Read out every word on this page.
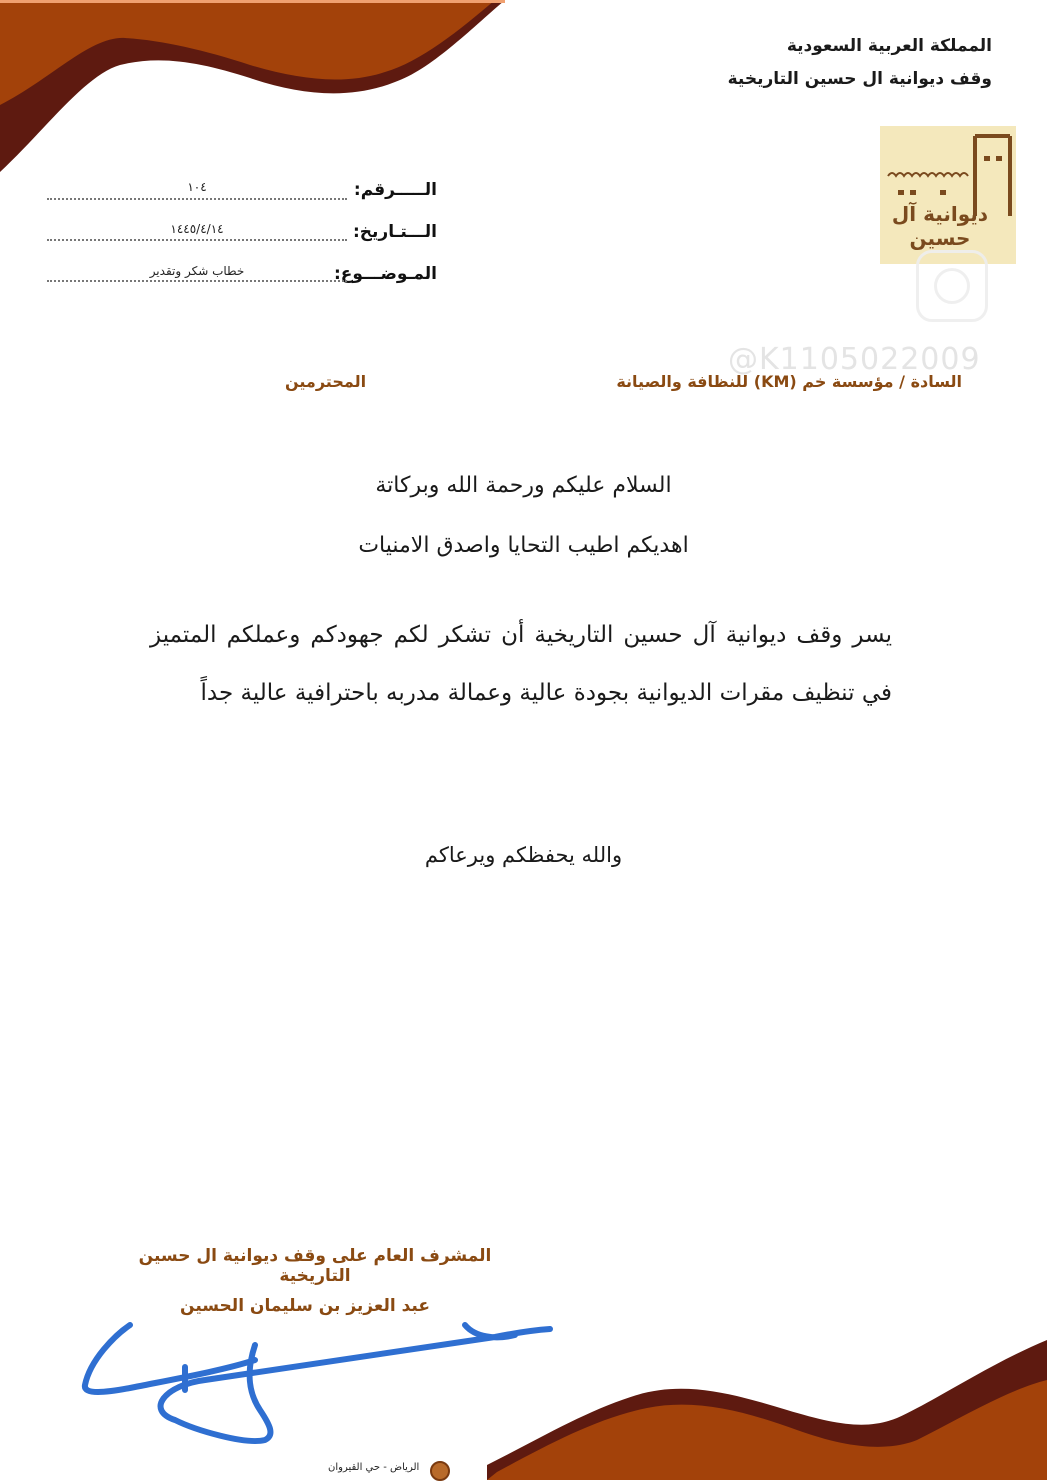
المملكة العربية السعودية
وقف ديوانية ال حسين التاريخية
ديوانية آل حسين
الـــــرقم:
١٠٤
الـــتـاريخ:
١٤٤٥/٤/١٤
المـوضـــوع:
خطاب شكر وتقدير
@K1105022009
السادة / مؤسسة خم (KM) للنظافة والصيانة
المحترمين
السلام عليكم ورحمة الله وبركاتة
اهديكم اطيب التحايا واصدق الامنيات
يسر وقف ديوانية آل حسين التاريخية أن تشكر لكم جهودكم وعملكم المتميز في تنظيف مقرات الديوانية بجودة عالية وعمالة مدربه باحترافية عالية جداً
والله يحفظكم ويرعاكم
المشرف العام على وقف ديوانية ال حسين التاريخية
عبد العزيز بن سليمان الحسين
الرياض - حي القيروان
